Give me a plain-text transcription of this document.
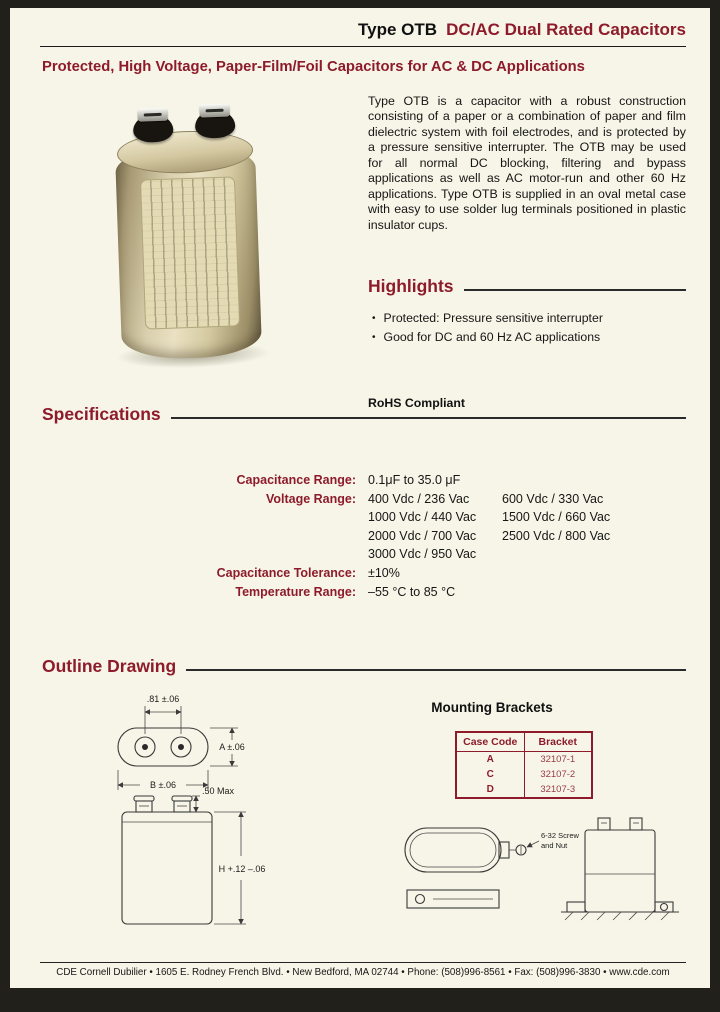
Type OTB DC/AC Dual Rated Capacitors
Protected, High Voltage, Paper-Film/Foil Capacitors for AC & DC Applications

Type OTB is a capacitor with a robust construction consisting of a paper or a combination of paper and film dielectric system with foil electrodes, and is protected by a pressure sensitive interrupter. The OTB may be used for all normal DC blocking, filtering and bypass applications as well as AC motor-run and other 60 Hz applications. Type OTB is supplied in an oval metal case with easy to use solder lug terminals positioned in plastic insulator cups.

Highlights
• Protected: Pressure sensitive interrupter
• Good for DC and 60 Hz AC applications
RoHS Compliant
Specifications
Capacitance Range: 0.1μF to 35.0 μF
Voltage Range: 400 Vdc / 236 Vac	600 Vdc / 330 Vac
1000 Vdc / 440 Vac	1500 Vdc / 660 Vac
2000 Vdc / 700 Vac	2500 Vdc / 800 Vac
3000 Vdc / 950 Vac
Capacitance Tolerance: ±10%
Temperature Range: –55 °C to 85 °C
Outline Drawing
.81 ±.06
A ±.06
B ±.06
.50 Max
H +.12 –.06
Mounting Brackets
Case Code	Bracket
A	32107-1
C	32107-2
D	32107-3
6-32 Screw
and Nut
CDE Cornell Dubilier • 1605 E. Rodney French Blvd. • New Bedford, MA 02744 • Phone: (508)996-8561 • Fax: (508)996-3830 • www.cde.com
